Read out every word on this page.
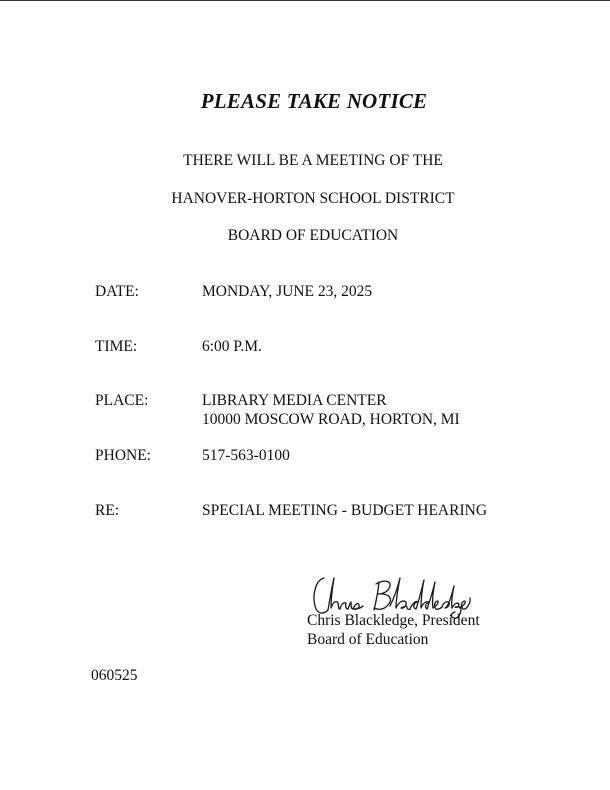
PLEASE TAKE NOTICE
THERE WILL BE A MEETING OF THE
HANOVER-HORTON SCHOOL DISTRICT
BOARD OF EDUCATION
DATE:	MONDAY, JUNE 23, 2025
TIME:	6:00 P.M.
PLACE:	LIBRARY MEDIA CENTER
10000 MOSCOW ROAD, HORTON, MI
PHONE:	517-563-0100
RE:	SPECIAL MEETING - BUDGET HEARING
Chris Blackledge, President
Board of Education
060525
